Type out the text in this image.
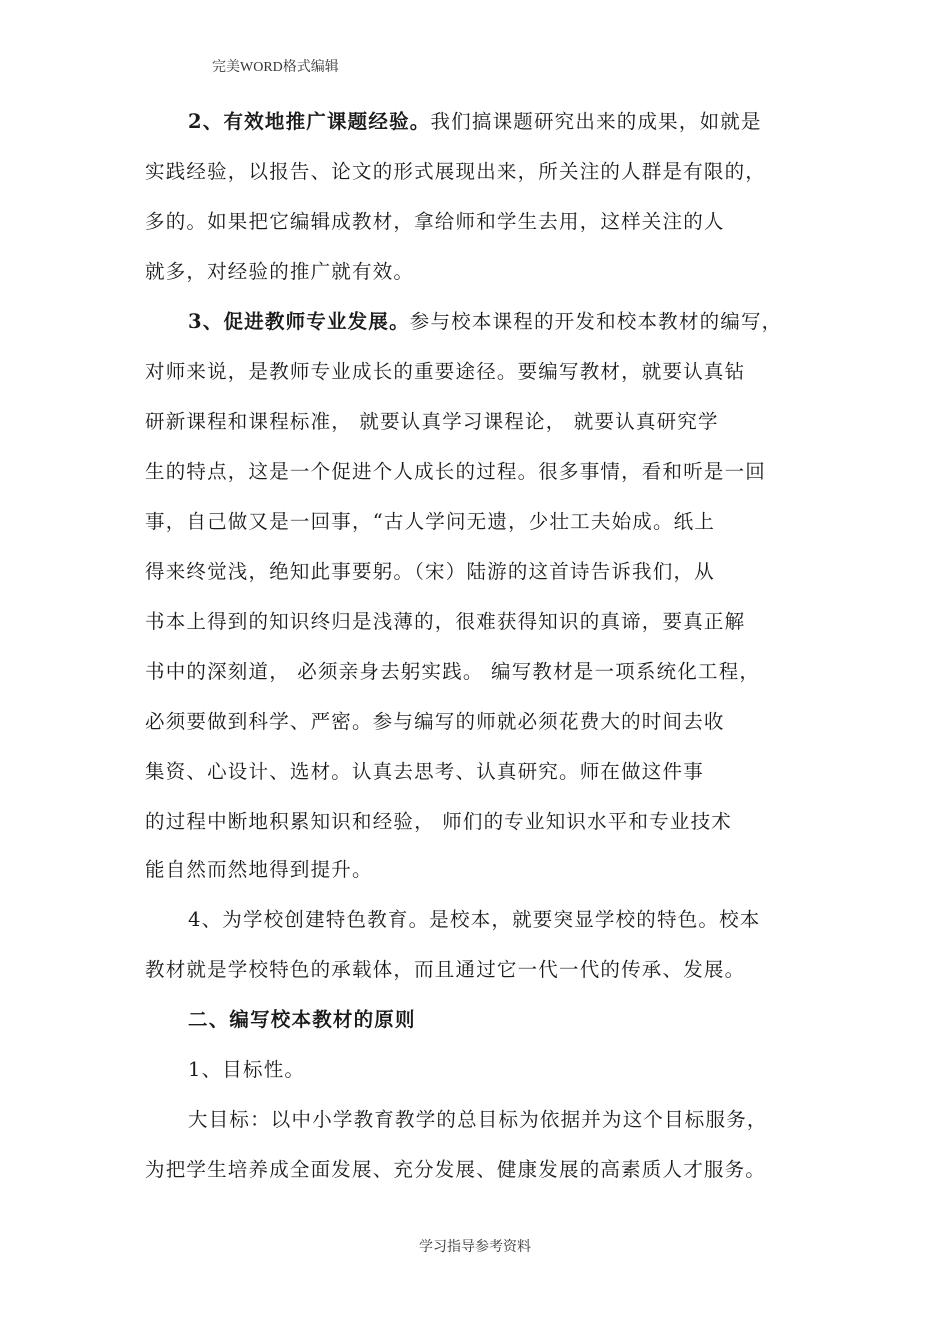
完美WORD格式编辑
2、有效地推广课题经验。我们搞课题研究出来的成果，如就是
实践经验，以报告、论文的形式展现出来，所关注的人群是有限的，
多的。如果把它编辑成教材，拿给师和学生去用，这样关注的人
就多，对经验的推广就有效。
3、促进教师专业发展。参与校本课程的开发和校本教材的编写，
对师来说，是教师专业成长的重要途径。要编写教材，就要认真钻
研新课程和课程标准， 就要认真学习课程论， 就要认真研究学
生的特点，这是一个促进个人成长的过程。很多事情，看和听是一回
事，自己做又是一回事，“古人学问无遗，少壮工夫始成。纸上
得来终觉浅，绝知此事要躬。（宋）陆游的这首诗告诉我们，从
书本上得到的知识终归是浅薄的，很难获得知识的真谛，要真正解
书中的深刻道， 必须亲身去躬实践。 编写教材是一项系统化工程，
必须要做到科学、严密。参与编写的师就必须花费大的时间去收
集资、心设计、选材。认真去思考、认真研究。师在做这件事
的过程中断地积累知识和经验， 师们的专业知识水平和专业技术
能自然而然地得到提升。
4、为学校创建特色教育。是校本，就要突显学校的特色。校本
教材就是学校特色的承载体，而且通过它一代一代的传承、发展。
二、编写校本教材的原则
1、目标性。
大目标：以中小学教育教学的总目标为依据并为这个目标服务，
为把学生培养成全面发展、充分发展、健康发展的高素质人才服务。
学习指导参考资料
